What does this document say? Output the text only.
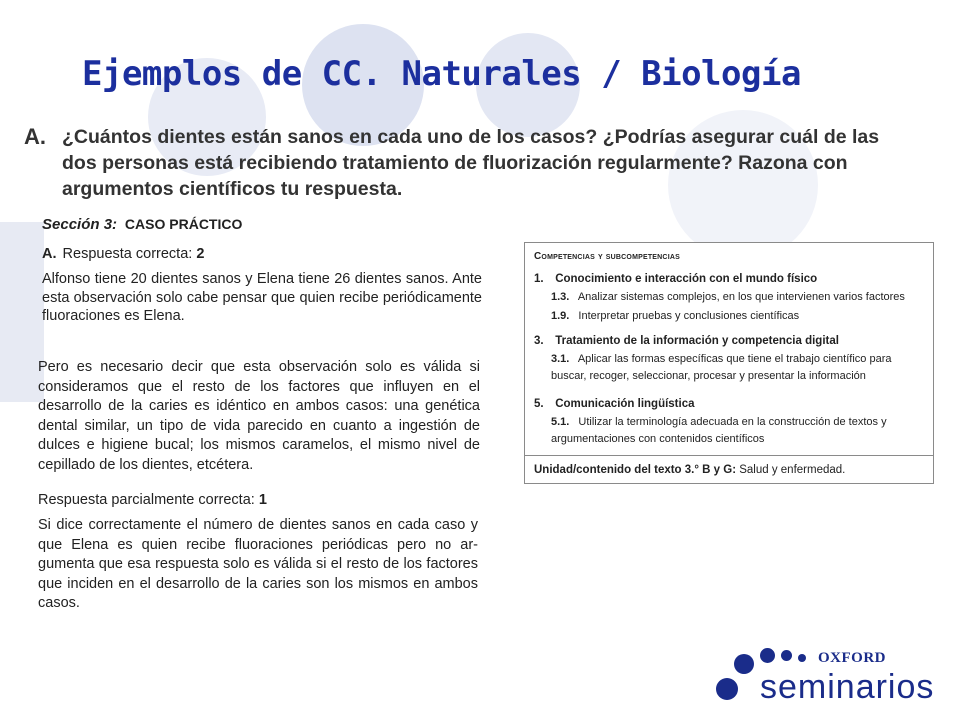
Ejemplos de CC. Naturales / Biología
A. ¿Cuántos dientes están sanos en cada uno de los casos? ¿Podrías asegurar cuál de las dos personas está recibiendo tratamiento de fluorización regularmente? Razona con argumentos científicos tu respuesta.

Sección 3: CASO PRÁCTICO
A. Respuesta correcta: 2

Alfonso tiene 20 dientes sanos y Elena tiene 26 dientes sanos. Ante esta observación solo cabe pensar que quien recibe periódicamente fluoraciones es Elena.

Pero es necesario decir que esta observación solo es válida si consideramos que el resto de los factores que influyen en el desarrollo de la caries es idéntico en ambos casos: una genética dental similar, un tipo de vida parecido en cuanto a ingestión de dulces e higiene bucal; los mismos caramelos, el mismo nivel de cepillado de los dientes, etcétera.

Respuesta parcialmente correcta: 1

Si dice correctamente el número de dientes sanos en cada caso y que Elena es quien recibe fluoraciones periódicas pero no argumenta que esa respuesta solo es válida si el resto de los factores que inciden en el desarrollo de la caries son los mismos en ambos casos.

Competencias y subcompetencias
1. Conocimiento e interacción con el mundo físico
1.3. Analizar sistemas complejos, en los que intervienen varios factores
1.9. Interpretar pruebas y conclusiones científicas
3. Tratamiento de la información y competencia digital
3.1. Aplicar las formas específicas que tiene el trabajo científico para buscar, recoger, seleccionar, procesar y presentar la información
5. Comunicación lingüística
5.1. Utilizar la terminología adecuada en la construcción de textos y argumentaciones con contenidos científicos
Unidad/contenido del texto 3.° B y G: Salud y enfermedad.
OXFORD
seminarios
